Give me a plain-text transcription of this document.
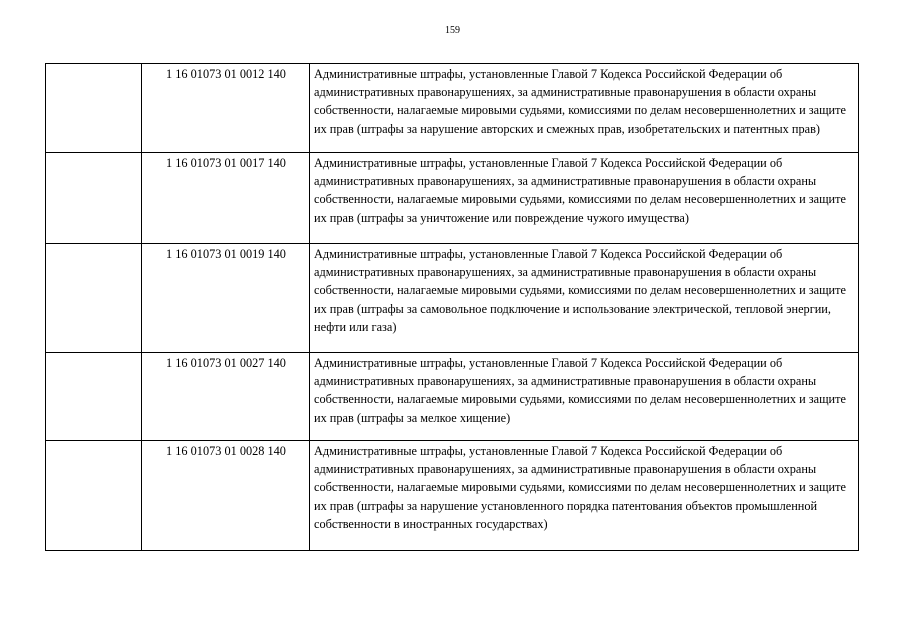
159
	1 16 01073 01 0012 140	Административные штрафы, установленные Главой 7 Кодекса Российской Федерации об административных правонарушениях, за административные правонарушения в области охраны собственности, налагаемые мировыми судьями, комиссиями по делам несовершеннолетних и защите их прав (штрафы за нарушение авторских и смежных прав, изобретательских и патентных прав)
	1 16 01073 01 0017 140	Административные штрафы, установленные Главой 7 Кодекса Российской Федерации об административных правонарушениях, за административные правонарушения в области охраны собственности, налагаемые мировыми судьями, комиссиями по делам несовершеннолетних и защите их прав (штрафы за уничтожение или повреждение чужого имущества)
	1 16 01073 01 0019 140	Административные штрафы, установленные Главой 7 Кодекса Российской Федерации об административных правонарушениях, за административные правонарушения в области охраны собственности, налагаемые мировыми судьями, комиссиями по делам несовершеннолетних и защите их прав (штрафы за самовольное подключение и использование электрической, тепловой энергии, нефти или газа)
	1 16 01073 01 0027 140	Административные штрафы, установленные Главой 7 Кодекса Российской Федерации об административных правонарушениях, за административные правонарушения в области охраны собственности, налагаемые мировыми судьями, комиссиями по делам несовершеннолетних и защите их прав (штрафы за мелкое хищение)
	1 16 01073 01 0028 140	Административные штрафы, установленные Главой 7 Кодекса Российской Федерации об административных правонарушениях, за административные правонарушения в области охраны собственности, налагаемые мировыми судьями, комиссиями по делам несовершеннолетних и защите их прав (штрафы за нарушение установленного порядка патентования объектов промышленной собственности в иностранных государствах)
